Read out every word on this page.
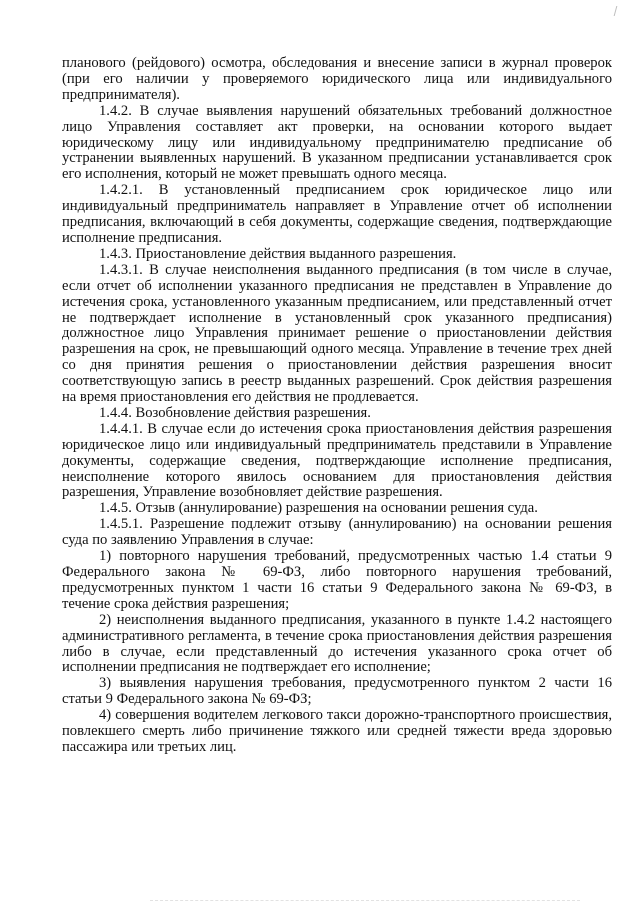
планового (рейдового) осмотра, обследования и внесение записи в журнал проверок (при его наличии у проверяемого юридического лица или индивидуального предпринимателя).

1.4.2. В случае выявления нарушений обязательных требований должностное лицо Управления составляет акт проверки, на основании которого выдает юридическому лицу или индивидуальному предпринимателю предписание об устранении выявленных нарушений. В указанном предписании устанавливается срок его исполнения, который не может превышать одного месяца.

1.4.2.1. В установленный предписанием срок юридическое лицо или индивидуальный предприниматель направляет в Управление отчет об исполнении предписания, включающий в себя документы, содержащие сведения, подтверждающие исполнение предписания.

1.4.3. Приостановление действия выданного разрешения.

1.4.3.1. В случае неисполнения выданного предписания (в том числе в случае, если отчет об исполнении указанного предписания не представлен в Управление до истечения срока, установленного указанным предписанием, или представленный отчет не подтверждает исполнение в установленный срок указанного предписания) должностное лицо Управления принимает решение о приостановлении действия разрешения на срок, не превышающий одного месяца. Управление в течение трех дней со дня принятия решения о приостановлении действия разрешения вносит соответствующую запись в реестр выданных разрешений. Срок действия разрешения на время приостановления его действия не продлевается.

1.4.4. Возобновление действия разрешения.

1.4.4.1. В случае если до истечения срока приостановления действия разрешения юридическое лицо или индивидуальный предприниматель представили в Управление документы, содержащие сведения, подтверждающие исполнение предписания, неисполнение которого явилось основанием для приостановления действия разрешения, Управление возобновляет действие разрешения.

1.4.5. Отзыв (аннулирование) разрешения на основании решения суда.

1.4.5.1. Разрешение подлежит отзыву (аннулированию) на основании решения суда по заявлению Управления в случае:

1) повторного нарушения требований, предусмотренных частью 1.4 статьи 9 Федерального закона № 69-ФЗ, либо повторного нарушения требований, предусмотренных пунктом 1 части 16 статьи 9 Федерального закона № 69-ФЗ, в течение срока действия разрешения;

2) неисполнения выданного предписания, указанного в пункте 1.4.2 настоящего административного регламента, в течение срока приостановления действия разрешения либо в случае, если представленный до истечения указанного срока отчет об исполнении предписания не подтверждает его исполнение;

3) выявления нарушения требования, предусмотренного пунктом 2 части 16 статьи 9 Федерального закона № 69-ФЗ;

4) совершения водителем легкового такси дорожно-транспортного происшествия, повлекшего смерть либо причинение тяжкого или средней тяжести вреда здоровью пассажира или третьих лиц.
